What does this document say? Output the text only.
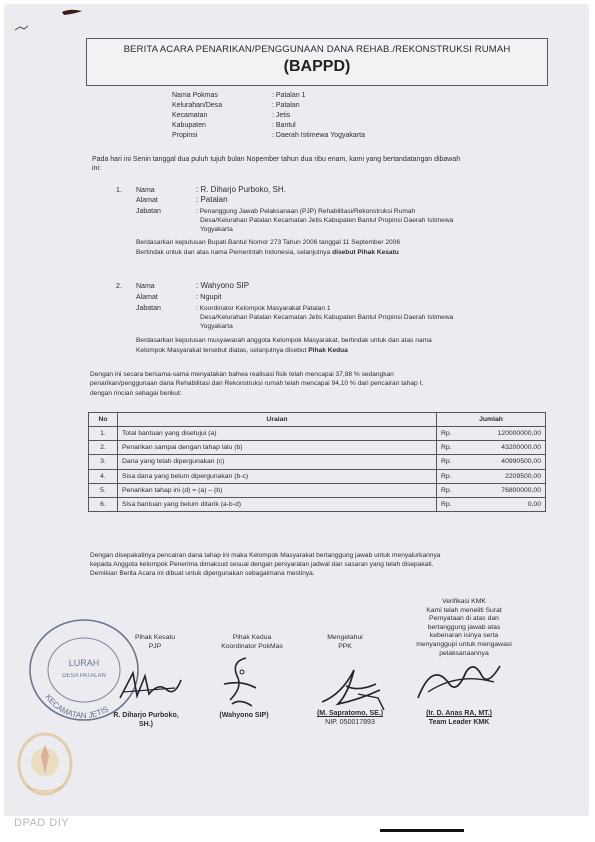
BERITA ACARA PENARIKAN/PENGGUNAAN DANA REHAB./REKONSTRUKSI RUMAH
(BAPPD)
Nama Pokmas	: Patalan 1
Kelurahan/Desa	: Patalan
Kecamatan	: Jetis
Kabupaten	: Bantul
Propinsi	: Daerah Istimewa Yogyakarta
Pada hari ini Senin tanggal dua puluh tujuh bulan Nopember tahun dua ribu enam, kami yang bertandatangan dibawah
ini:
1. Nama	: R. Diharjo Purboko, SH.
Alamat	: Patalan
Jabatan	: Penanggung Jawab Pelaksanaan (PJP) Rehabilitasi/Rekonstruksi Rumah
Desa/Kelurahan Patalan Kecamatan Jetis Kabupaten Bantul Propinsi Daerah Istimewa
Yogyakarta
Berdasarkan keputusan Bupati Bantul Nomor 273 Tahun 2006 tanggal 11 September 2006
Bertindak untuk dan atas nama Pemerintah Indonesia, selanjutnya disebut Pihak Kesatu
2. Nama	: Wahyono SIP
Alamat	: Ngupit
Jabatan	: Koordinator Kelompok Masyarakat Patalan 1
Desa/Kelurahan Patalan Kecamatan Jetis Kabupaten Bantul Propinsi Daerah Istimewa
Yogyakarta
Berdasarkan keputusan musyawarah anggota Kelompok Masyarakat, bertindak untuk dan atas nama
Kelompok Masyarakat tersebut diatas, selanjutnya disebut Pihak Kedua
Dengan ini secara bersama-sama menyatakan bahwa realisasi fisik telah mencapai 37,88 % sedangkan
penarikan/penggunaan dana Rehabilitasi dan Rekonstruksi rumah telah mencapai 94,10 % dari pencairan tahap I,
dengan rincian sebagai berikut:
No	Uraian	Jumlah
1.	Total bantuan yang disetujui (a)	Rp. 120000000,00

2.	Penarikan sampai dengan tahap lalu (b)	Rp. 43200000,00

3.	Dana yang telah dipergunakan (c)	Rp. 40990500,00

4.	Sisa dana yang belum dipergunakan (b-c)	Rp. 2209500,00

5.	Penarikan tahap ini (d) = (a) – (b)	Rp. 76800000,00

6.	Sisa bantuan yang belum ditarik (a-b-d)	Rp. 0,00
Dengan disepakatinya pencairan dana tahap ini maka Kelompok Masyarakat bertanggung jawab untuk menyalurkannya
kepada Anggota kelompok Penerima dimaksud sesuai dengan persyaratan jadwal dan sasaran yang telah disepakati.
Demikian Berita Acara ini dibuat untuk dipergunakan sebagaimana mestinya.
Verifikasi KMK
Kami telah meneliti Surat
Pernyataan di atas dan
bertanggung jawab atas
kebenaran isinya serta
menyanggupi untuk mengawasi
pelaksanaannya
Pihak Kesatu
PJP
Pihak Kedua
Koordinator PokMas
Mengetahui
PPK
KECAMATAN JETIS
LURAH
DESA PATALAN
R. Diharjo Purboko,
SH.)
(Wahyono SIP)	(M. Sapratomo, SE.)
NIP. 050017893
(Ir. D. Anas RA, MT.)
Team Leader KMK
DPAD DIY
